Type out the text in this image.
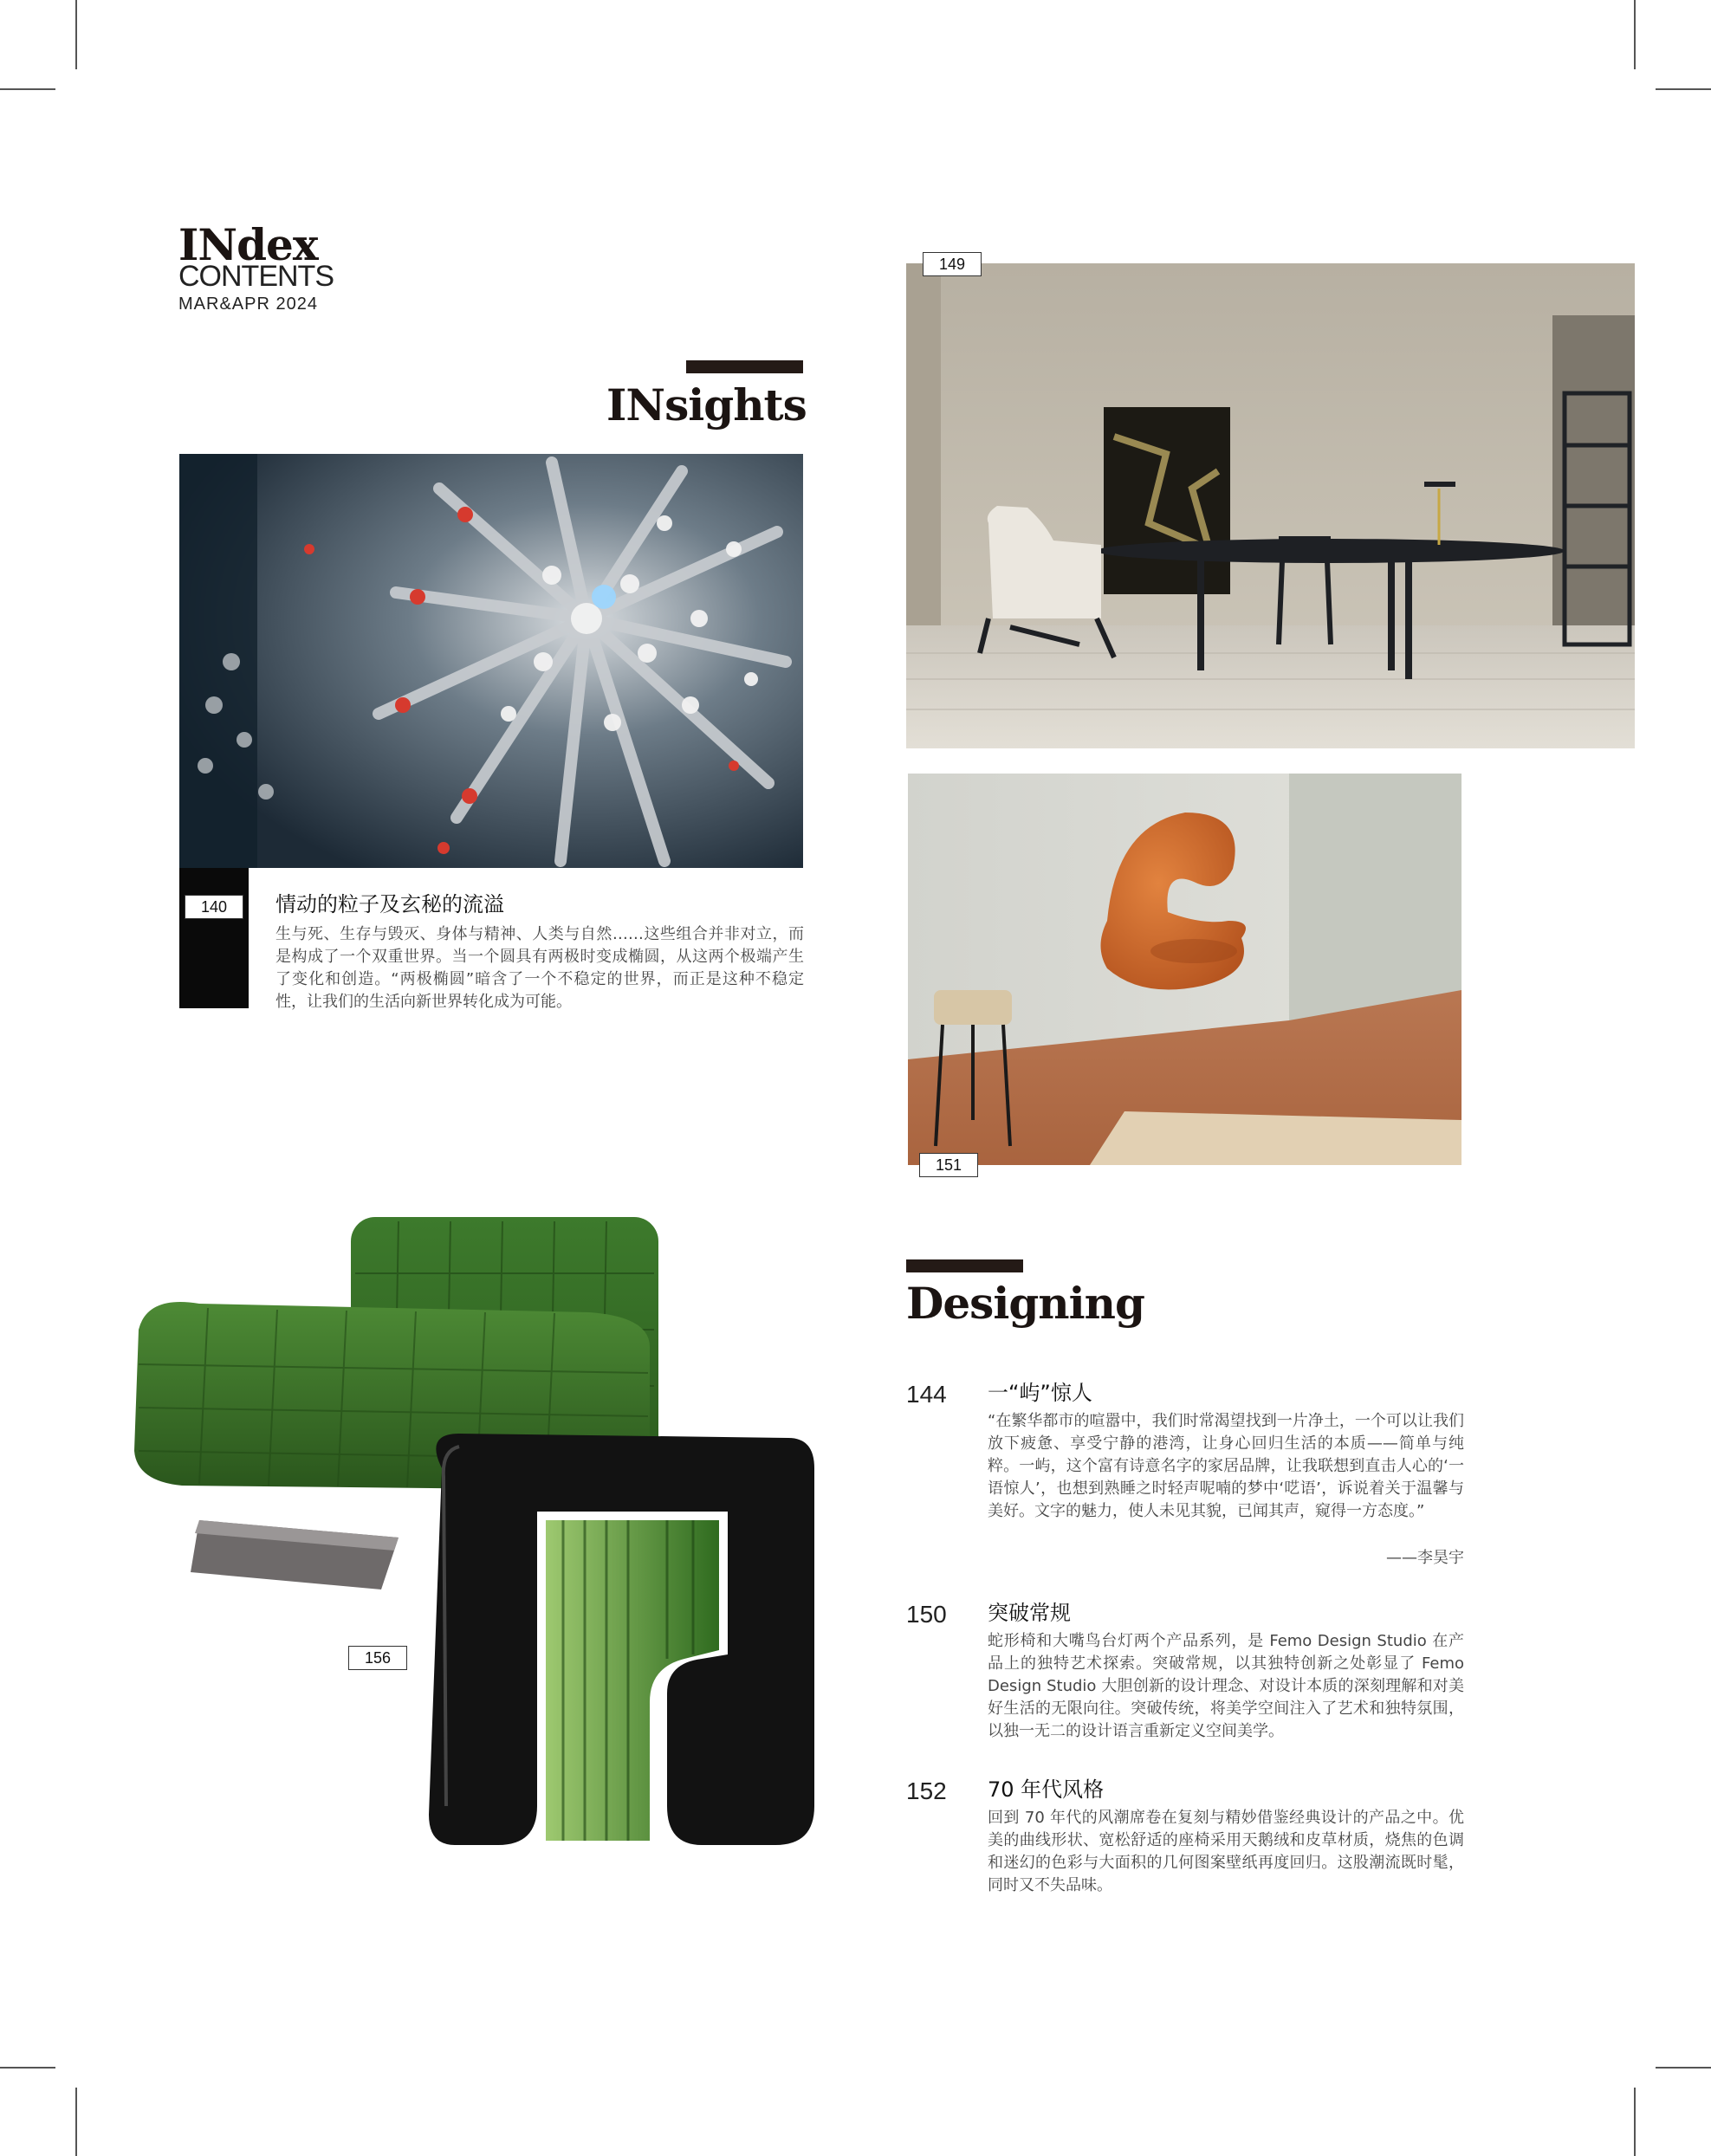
INdex
CONTENTS
MAR&APR 2024
INsights
140	情动的粒子及玄秘的流溢
生与死、生存与毁灭、身体与精神、人类与自然……这些组合并非对立，而是构成了一个双重世界。当一个圆具有两极时变成椭圆，从这两个极端产生了变化和创造。“两极椭圆”暗含了一个不稳定的世界，而正是这种不稳定性，让我们的生活向新世界转化成为可能。
149
151
156
Designing
144 一“屿”惊人
“在繁华都市的喧嚣中，我们时常渴望找到一片净土，一个可以让我们放下疲惫、享受宁静的港湾，让身心回归生活的本质——简单与纯粹。一屿，这个富有诗意名字的家居品牌，让我联想到直击人心的‘一语惊人’，也想到熟睡之时轻声呢喃的梦中‘呓语’，诉说着关于温馨与美好。文字的魅力，使人未见其貌，已闻其声，窥得一方态度。”
——李昊宇
150 突破常规
蛇形椅和大嘴鸟台灯两个产品系列，是 Femo Design Studio 在产品上的独特艺术探索。突破常规，以其独特创新之处彰显了 Femo Design Studio 大胆创新的设计理念、对设计本质的深刻理解和对美好生活的无限向往。突破传统，将美学空间注入了艺术和独特氛围，以独一无二的设计语言重新定义空间美学。
152 70 年代风格
回到 70 年代的风潮席卷在复刻与精妙借鉴经典设计的产品之中。优美的曲线形状、宽松舒适的座椅采用天鹅绒和皮草材质，烧焦的色调和迷幻的色彩与大面积的几何图案壁纸再度回归。这股潮流既时髦，同时又不失品味。
